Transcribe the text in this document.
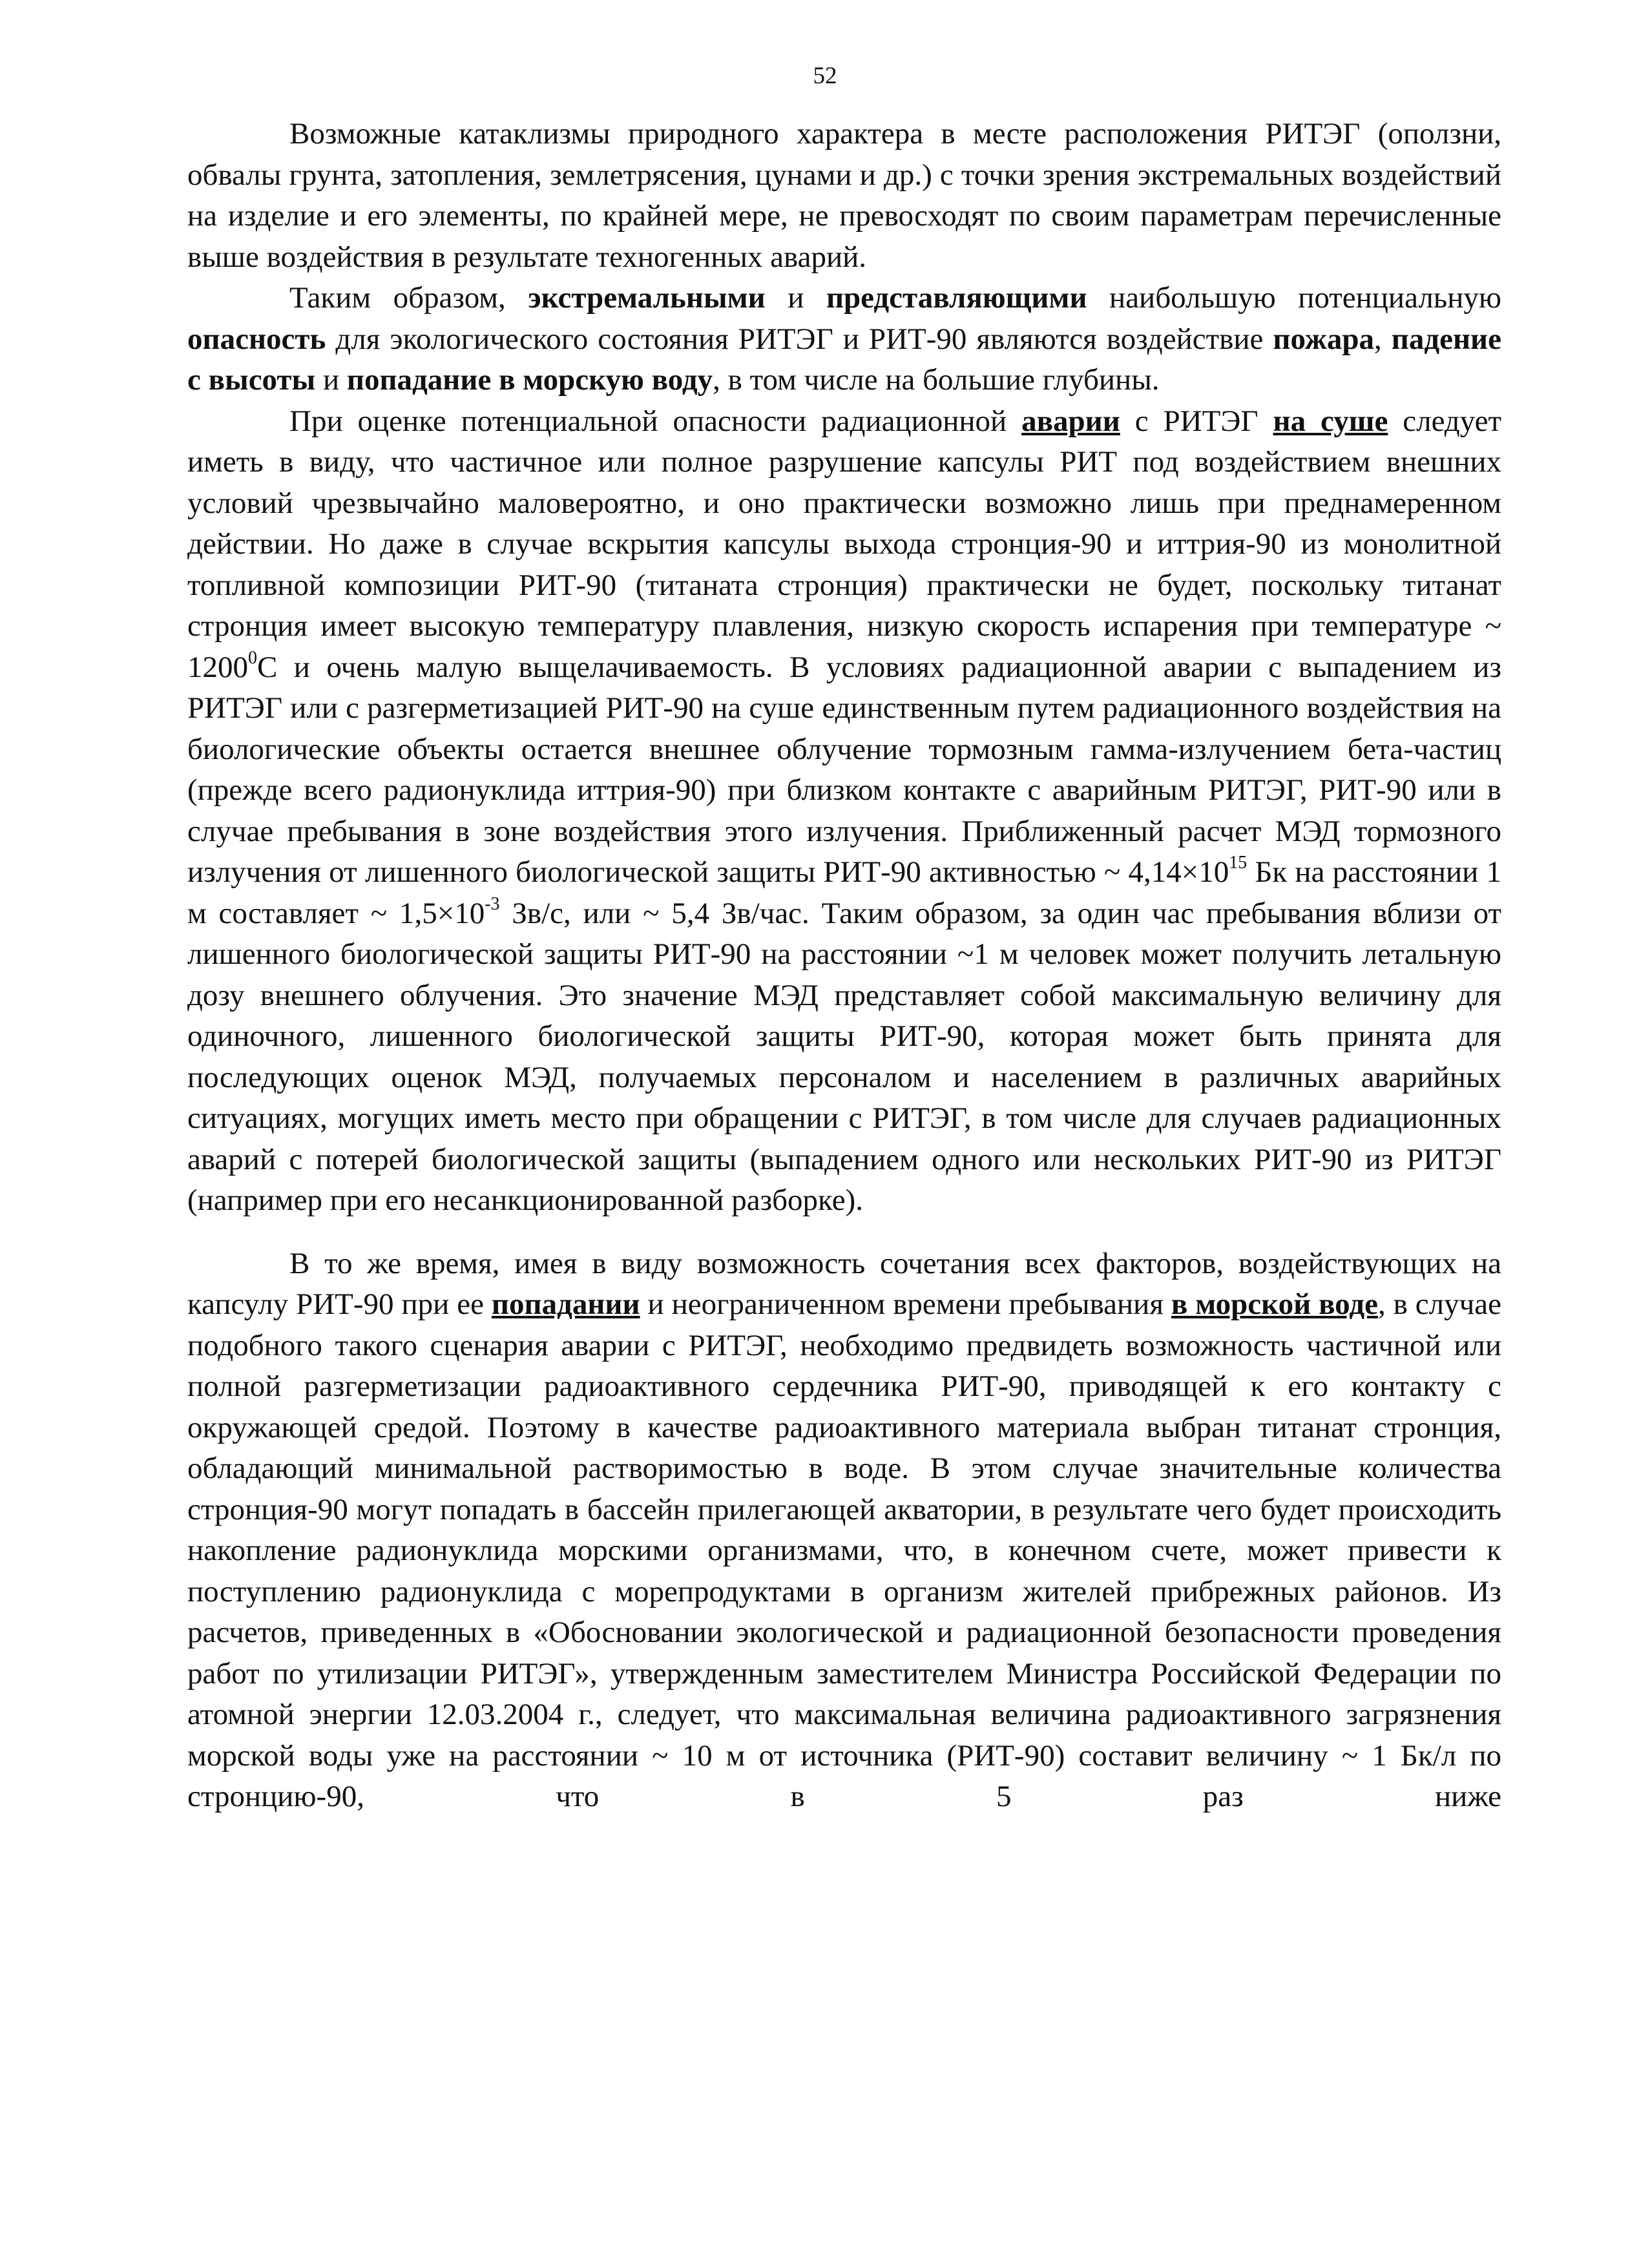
52

Возможные катаклизмы природного характера в месте расположения РИТЭГ (оползни, обвалы грунта, затопления, землетрясения, цунами и др.) с точки зрения экстремальных воздействий на изделие и его элементы, по крайней мере, не превосходят по своим параметрам перечисленные выше воздействия в результате техногенных аварий.

Таким образом, экстремальными и представляющими наибольшую потенциальную опасность для экологического состояния РИТЭГ и РИТ-90 являются воздействие пожара, падение с высоты и попадание в морскую воду, в том числе на большие глубины.

При оценке потенциальной опасности радиационной аварии с РИТЭГ на суше следует иметь в виду, что частичное или полное разрушение капсулы РИТ под воздействием внешних условий чрезвычайно маловероятно, и оно практически возможно лишь при преднамеренном действии. Но даже в случае вскрытия капсулы выхода стронция-90 и иттрия-90 из монолитной топливной композиции РИТ-90 (титаната стронция) практически не будет, поскольку титанат стронция имеет высокую температуру плавления, низкую скорость испарения при температуре ~ 1200$^0$С и очень малую выщелачиваемость. В условиях радиационной аварии с выпадением из РИТЭГ или с разгерметизацией РИТ-90 на суше единственным путем радиационного воздействия на биологические объекты остается внешнее облучение тормозным гамма-излучением бета-частиц (прежде всего радионуклида иттрия-90) при близком контакте с аварийным РИТЭГ, РИТ-90 или в случае пребывания в зоне воздействия этого излучения. Приближенный расчет МЭД тормозного излучения от лишенного биологической защиты РИТ-90 активностью ~ $4,14\times 10^{15}$ Бк на расстоянии 1 м составляет ~ $1,5\times 10^{-3}$ Зв/с, или ~ 5,4 Зв/час. Таким образом, за один час пребывания вблизи от лишенного биологической защиты РИТ-90 на расстоянии ~1 м человек может получить летальную дозу внешнего облучения. Это значение МЭД представляет собой максимальную величину для одиночного, лишенного биологической защиты РИТ-90, которая может быть принята для последующих оценок МЭД, получаемых персоналом и населением в различных аварийных ситуациях, могущих иметь место при обращении с РИТЭГ, в том числе для случаев радиационных аварий с потерей биологической защиты (выпадением одного или нескольких РИТ-90 из РИТЭГ (например при его несанкционированной разборке).

В то же время, имея в виду возможность сочетания всех факторов, воздействующих на капсулу РИТ-90 при ее попадании и неограниченном времени пребывания в морской воде, в случае подобного такого сценария аварии с РИТЭГ, необходимо предвидеть возможность частичной или полной разгерметизации радиоактивного сердечника РИТ-90, приводящей к его контакту с окружающей средой. Поэтому в качестве радиоактивного материала выбран титанат стронция, обладающий минимальной растворимостью в воде. В этом случае значительные количества стронция-90 могут попадать в бассейн прилегающей акватории, в результате чего будет происходить накопление радионуклида морскими организмами, что, в конечном счете, может привести к поступлению радионуклида с морепродуктами в организм жителей прибрежных районов. Из расчетов, приведенных в «Обосновании экологической и радиационной безопасности проведения работ по утилизации РИТЭГ», утвержденным заместителем Министра Российской Федерации по атомной энергии 12.03.2004 г., следует, что максимальная величина радиоактивного загрязнения морской воды уже на расстоянии ~ 10 м от источника (РИТ-90) составит величину ~ 1 Бк/л по стронцию-90, что в 5 раз ниже
